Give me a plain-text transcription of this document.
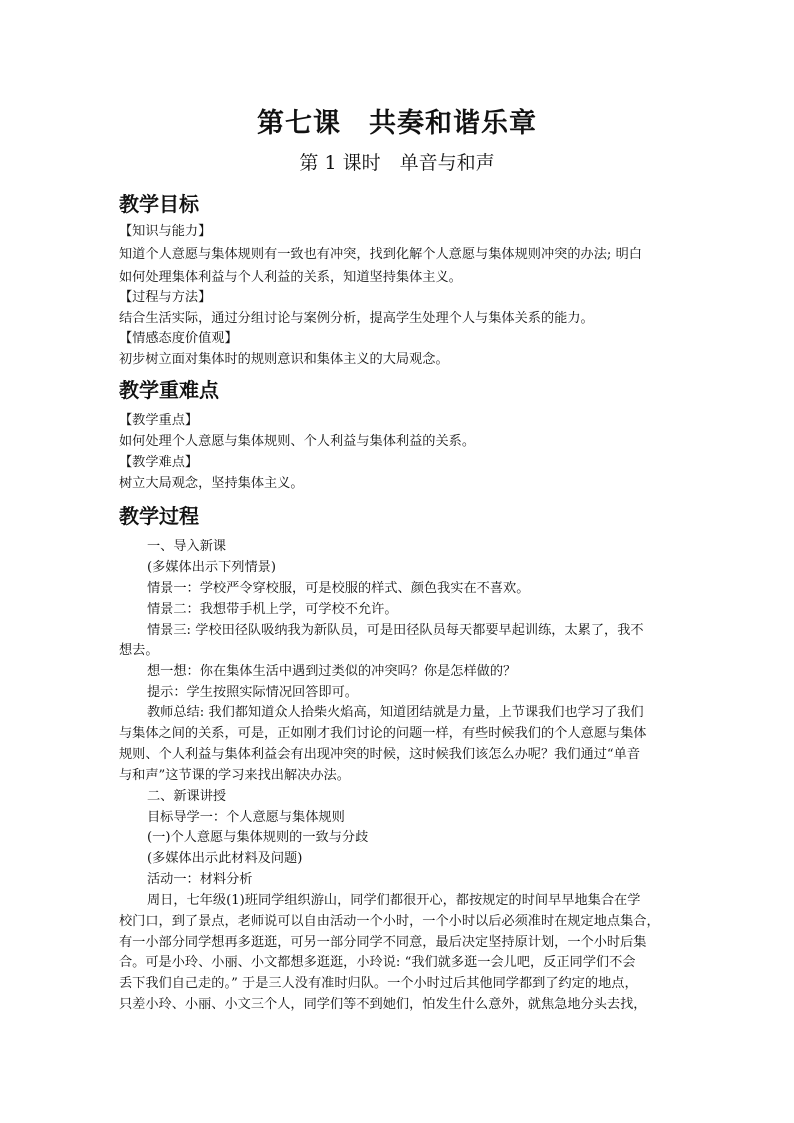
第七课　共奏和谐乐章
第 1 课时　单音与和声
教学目标
【知识与能力】
知道个人意愿与集体规则有一致也有冲突，找到化解个人意愿与集体规则冲突的办法; 明白
如何处理集体利益与个人利益的关系，知道坚持集体主义。
【过程与方法】
结合生活实际，通过分组讨论与案例分析，提高学生处理个人与集体关系的能力。
【情感态度价值观】
初步树立面对集体时的规则意识和集体主义的大局观念。
教学重难点
【教学重点】
如何处理个人意愿与集体规则、个人利益与集体利益的关系。
【教学难点】
树立大局观念，坚持集体主义。
教学过程
一、导入新课
(多媒体出示下列情景)
情景一：学校严令穿校服，可是校服的样式、颜色我实在不喜欢。
情景二：我想带手机上学，可学校不允许。
情景三: 学校田径队吸纳我为新队员，可是田径队员每天都要早起训练，太累了，我不
想去。
想一想：你在集体生活中遇到过类似的冲突吗？你是怎样做的？
提示：学生按照实际情况回答即可。
教师总结: 我们都知道众人拾柴火焰高，知道团结就是力量，上节课我们也学习了我们
与集体之间的关系，可是，正如刚才我们讨论的问题一样，有些时候我们的个人意愿与集体
规则、个人利益与集体利益会有出现冲突的时候，这时候我们该怎么办呢？我们通过“单音
与和声”这节课的学习来找出解决办法。
二、新课讲授
目标导学一：个人意愿与集体规则
(一)个人意愿与集体规则的一致与分歧
(多媒体出示此材料及问题)
活动一：材料分析
周日，七年级(1)班同学组织游山，同学们都很开心，都按规定的时间早早地集合在学
校门口，到了景点，老师说可以自由活动一个小时，一个小时以后必须准时在规定地点集合，
有一小部分同学想再多逛逛，可另一部分同学不同意，最后决定坚持原计划，一个小时后集
合。可是小玲、小丽、小文都想多逛逛，小玲说: “我们就多逛一会儿吧，反正同学们不会
丢下我们自己走的。” 于是三人没有准时归队。一个小时过后其他同学都到了约定的地点，
只差小玲、小丽、小文三个人，同学们等不到她们，怕发生什么意外，就焦急地分头去找，
